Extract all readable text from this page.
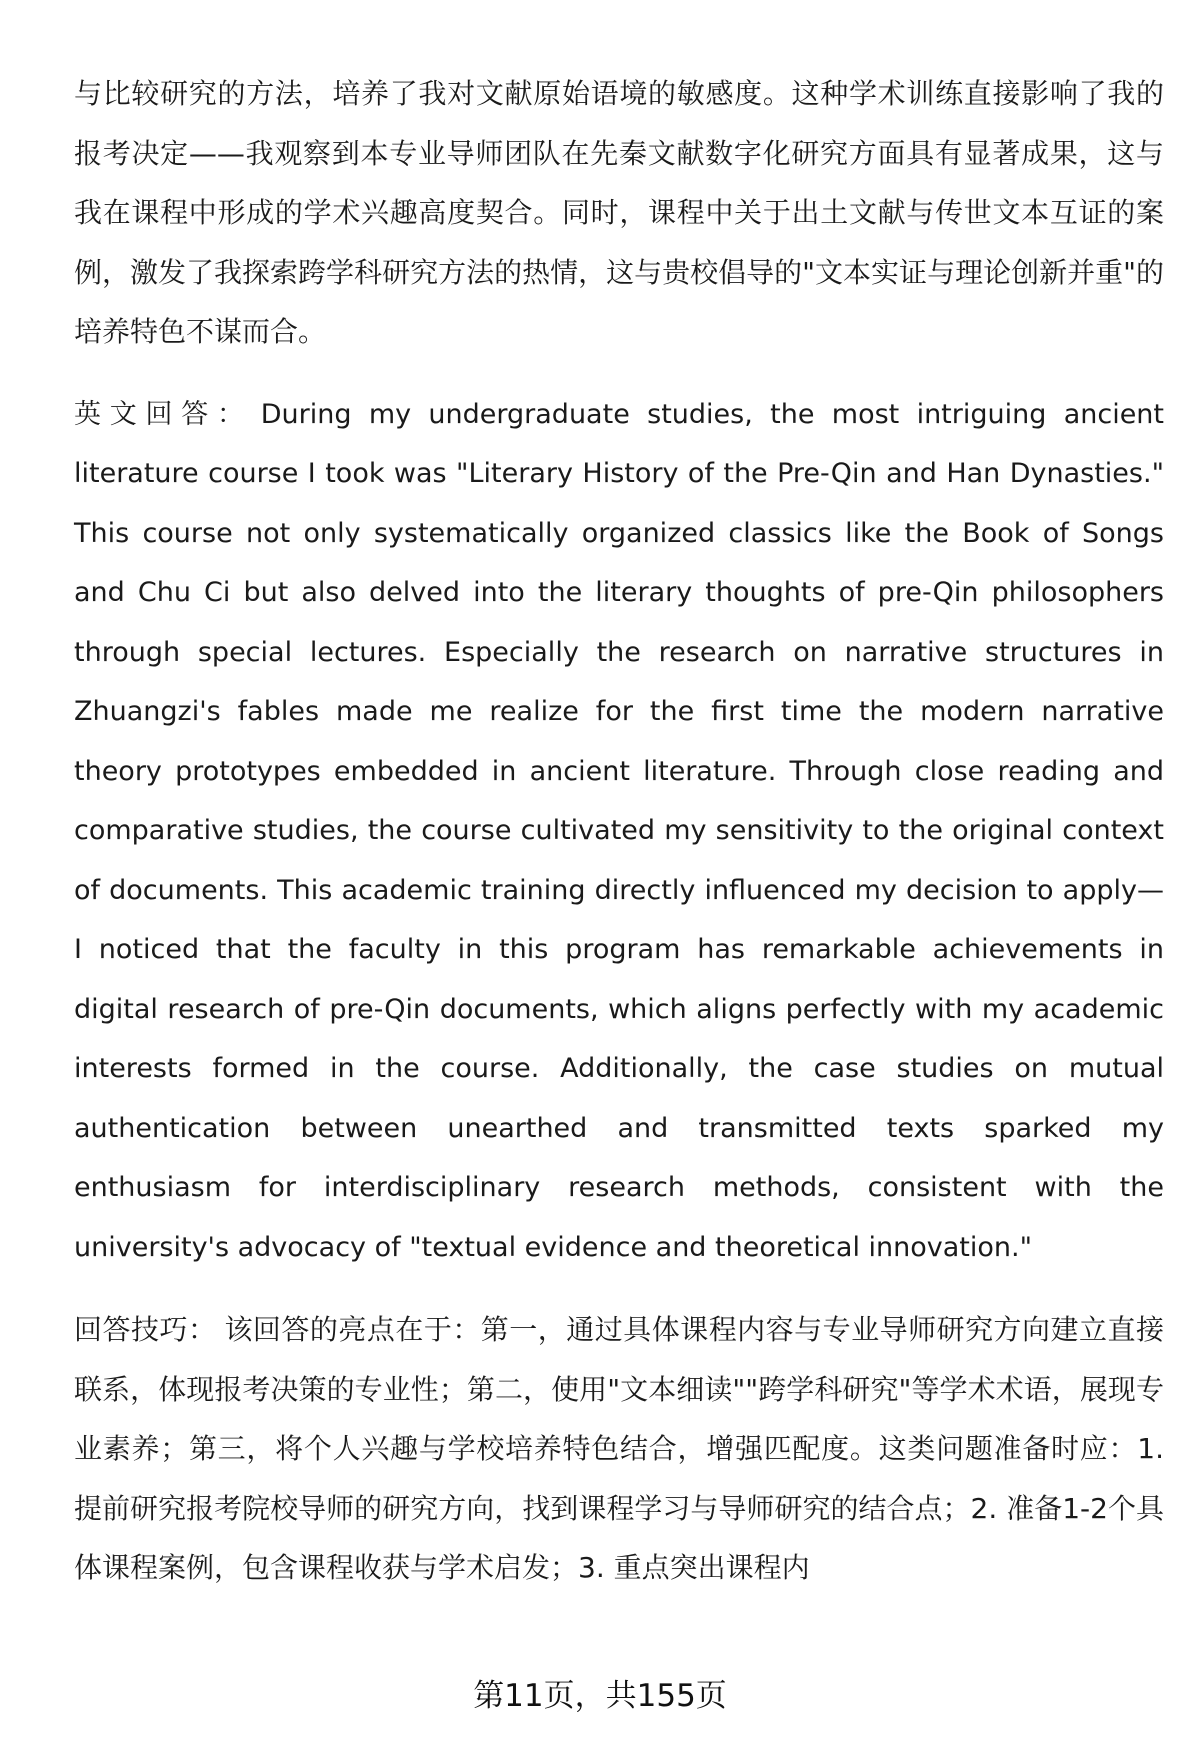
与比较研究的方法，培养了我对文献原始语境的敏感度。这种学术训练直接影响了我的报考决定——我观察到本专业导师团队在先秦文献数字化研究方面具有显著成果，这与我在课程中形成的学术兴趣高度契合。同时，课程中关于出土文献与传世文本互证的案例，激发了我探索跨学科研究方法的热情，这与贵校倡导的"文本实证与理论创新并重"的培养特色不谋而合。

英文回答： During my undergraduate studies, the most intriguing ancient literature course I took was "Literary History of the Pre-Qin and Han Dynasties." This course not only systematically organized classics like the Book of Songs and Chu Ci but also delved into the literary thoughts of pre-Qin philosophers through special lectures. Especially the research on narrative structures in Zhuangzi's fables made me realize for the first time the modern narrative theory prototypes embedded in ancient literature. Through close reading and comparative studies, the course cultivated my sensitivity to the original context of documents. This academic training directly influenced my decision to apply— I noticed that the faculty in this program has remarkable achievements in digital research of pre-Qin documents, which aligns perfectly with my academic interests formed in the course. Additionally, the case studies on mutual authentication between unearthed and transmitted texts sparked my enthusiasm for interdisciplinary research methods, consistent with the university's advocacy of "textual evidence and theoretical innovation."

回答技巧： 该回答的亮点在于：第一，通过具体课程内容与专业导师研究方向建立直接联系，体现报考决策的专业性；第二，使用"文本细读""跨学科研究"等学术术语，展现专业素养；第三，将个人兴趣与学校培养特色结合，增强匹配度。这类问题准备时应：1. 提前研究报考院校导师的研究方向，找到课程学习与导师研究的结合点；2. 准备1-2个具体课程案例，包含课程收获与学术启发；3. 重点突出课程内

第11页，共155页
